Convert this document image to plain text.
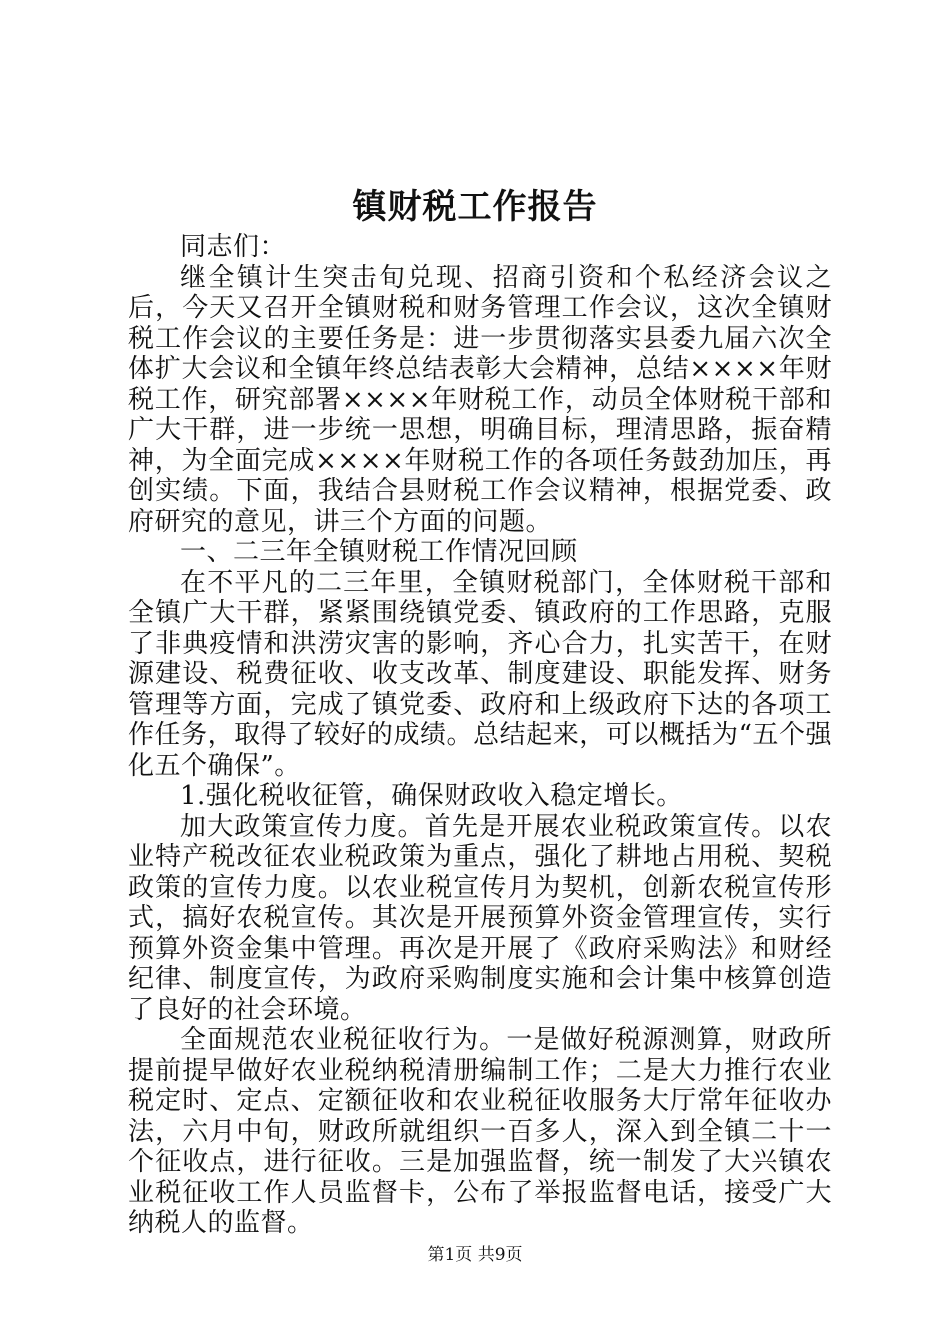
镇财税工作报告

同志们：

继全镇计生突击旬兑现、招商引资和个私经济会议之后，今天又召开全镇财税和财务管理工作会议，这次全镇财税工作会议的主要任务是：进一步贯彻落实县委九届六次全体扩大会议和全镇年终总结表彰大会精神，总结××××年财税工作，研究部署××××年财税工作，动员全体财税干部和广大干群，进一步统一思想，明确目标，理清思路，振奋精神，为全面完成××××年财税工作的各项任务鼓劲加压，再创实绩。下面，我结合县财税工作会议精神，根据党委、政府研究的意见，讲三个方面的问题。

一、二三年全镇财税工作情况回顾

在不平凡的二三年里，全镇财税部门，全体财税干部和全镇广大干群，紧紧围绕镇党委、镇政府的工作思路，克服了非典疫情和洪涝灾害的影响，齐心合力，扎实苦干，在财源建设、税费征收、收支改革、制度建设、职能发挥、财务管理等方面，完成了镇党委、政府和上级政府下达的各项工作任务，取得了较好的成绩。总结起来，可以概括为“五个强化五个确保”。

1.强化税收征管，确保财政收入稳定增长。

加大政策宣传力度。首先是开展农业税政策宣传。以农业特产税改征农业税政策为重点，强化了耕地占用税、契税政策的宣传力度。以农业税宣传月为契机，创新农税宣传形式，搞好农税宣传。其次是开展预算外资金管理宣传，实行预算外资金集中管理。再次是开展了《政府采购法》和财经纪律、制度宣传，为政府采购制度实施和会计集中核算创造了良好的社会环境。

全面规范农业税征收行为。一是做好税源测算，财政所提前提早做好农业税纳税清册编制工作；二是大力推行农业税定时、定点、定额征收和农业税征收服务大厅常年征收办法，六月中旬，财政所就组织一百多人，深入到全镇二十一个征收点，进行征收。三是加强监督，统一制发了大兴镇农业税征收工作人员监督卡，公布了举报监督电话，接受广大纳税人的监督。

第1页 共9页
